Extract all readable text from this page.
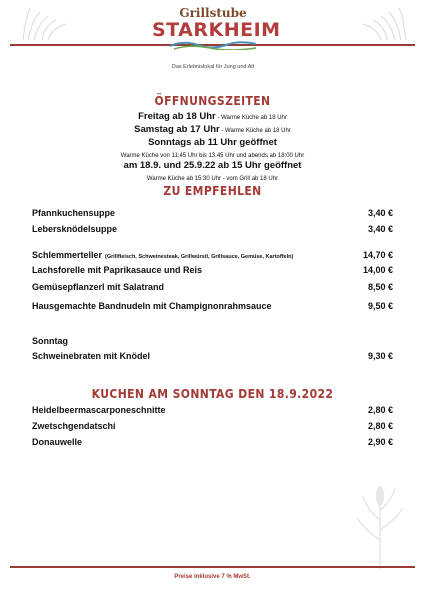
Grillstube
STARKHEIM
Das Erlebnislokal für Jung und Alt
ÖFFNUNGSZEITEN
Freitag ab 18 Uhr - Warme Küche ab 18 Uhr
Samstag ab 17 Uhr - Warme Küche ab 18 Uhr
Sonntags ab 11 Uhr geöffnet
Warme Küche von 11:45 Uhr bis 13.45 Uhr und abends ab 18:00 Uhr
am 18.9. und 25.9.22 ab 15 Uhr geöffnet
Warme Küche ab 15:30 Uhr - vom Grill ab 18 Uhr
ZU EMPFEHLEN
Pfannkuchensuppe	3,40 €
Lebersknödelsuppe	3,40 €
Schlemmerteller (Grillfleisch, Schweinesteak, Grillwürstl, Grillsauce, Gemüse, Kartoffeln)	14,70 €
Lachsforelle mit Paprikasauce und Reis	14,00 €
Gemüsepflanzerl mit Salatrand	8,50 €
Hausgemachte Bandnudeln mit Champignonrahmsauce	9,50 €
Sonntag
Schweinebraten mit Knödel	9,30 €
KUCHEN AM SONNTAG DEN 18.9.2022
Heidelbeermascarponeschnitte	2,80 €
Zwetschgendatschi	2,80 €
Donauwelle	2,90 €
Preise inklusive 7 % MwSt.
